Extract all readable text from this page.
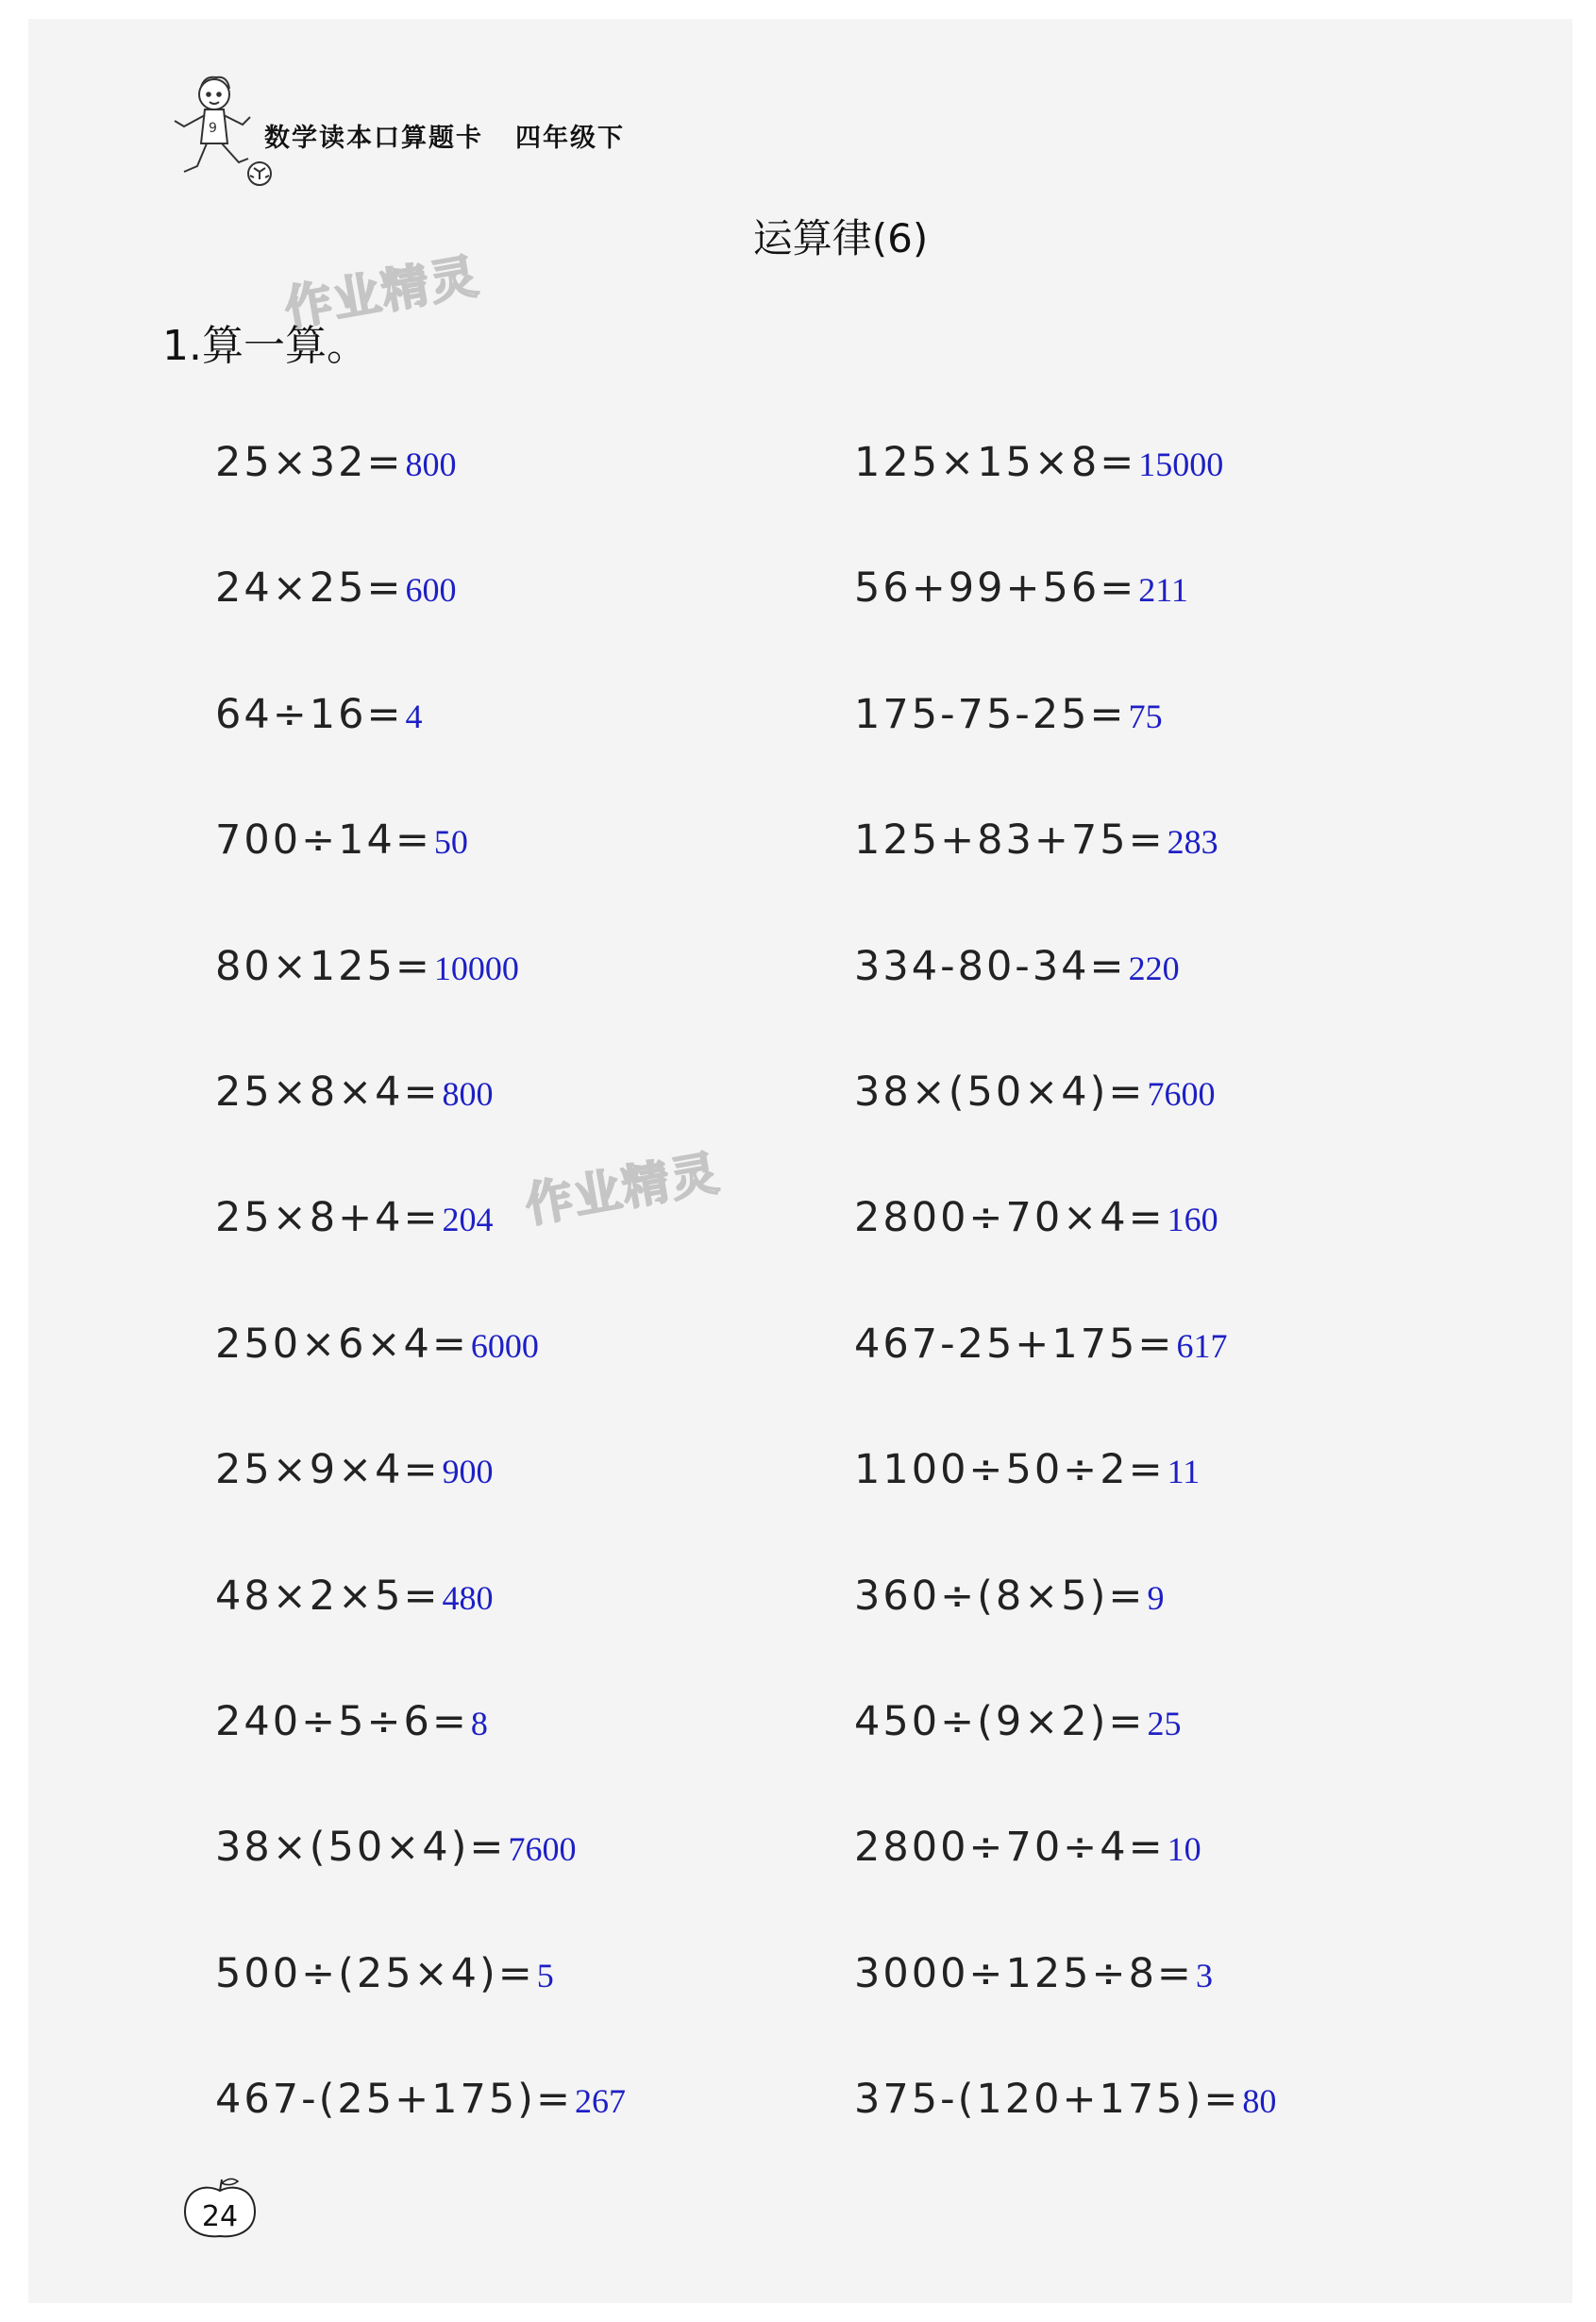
9 数学读本口算题卡 四年级下
运算律(6)
1.算一算。
作业精灵
作业精灵
25×32= 800
24×25= 600
64÷16= 4
700÷14= 50
80×125= 10000
25×8×4= 800
25×8+4= 204
250×6×4= 6000
25×9×4= 900
48×2×5= 480
240÷5÷6= 8
38×(50×4)= 7600
500÷(25×4)= 5
467-(25+175)= 267
125×15×8= 15000
56+99+56= 211
175-75-25= 75
125+83+75= 283
334-80-34= 220
38×(50×4)= 7600
2800÷70×4= 160
467-25+175= 617
1100÷50÷2= 11
360÷(8×5)= 9
450÷(9×2)= 25
2800÷70÷4= 10
3000÷125÷8= 3
375-(120+175)= 80
24
